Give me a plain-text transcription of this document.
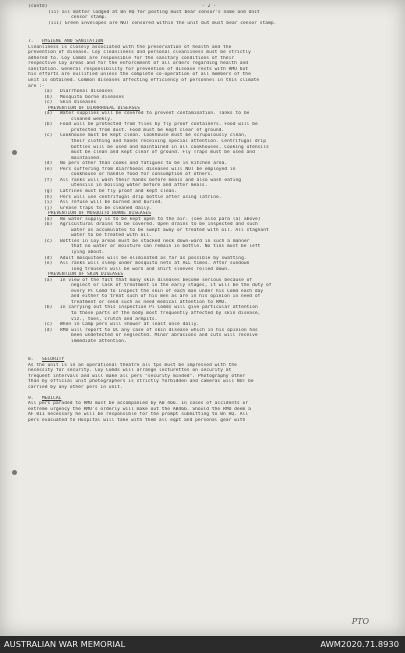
(contd)	- 2 -
(ii) all matter lodged at Bn HQ for posting must bear censor's name and Unit
censor stamp.
(iii) Green Envelopes are NOT censored within the unit but must bear censor stamp.
7. HYGIENE AND SANITATION
Cleanliness is closely associated with the preservation of health and the
prevention of disease. Coy cleanliness and personal cleanliness must be strictly
adhered to. Coy Comds are responsible for the sanitary conditions of their
respective Coy areas and for the enforcement of all orders regarding health and
sanitation. General responsibility for prevention of disease rests with RMO but
his efforts are nullified unless the complete co-operation of all members of the
unit is obtained. Common diseases affecting efficiency of personnel in this climate
are :-
(a) Diarrhoeal diseases
(b) Mosquito borne diseases
(c) Skin diseases
PREVENTION OF DIARRHOEAL DISEASES
(a) Water supplies will be covered to prevent contamination. Tanks to be
cleaned weekly.
(b) Food will be protected from flies by fly proof containers. Food will be
protected from dust. Food must be kept clear of ground.
(c) Cookhouse must be kept clean. Cookhouse must be scrupulously clean,
their clothing and hands receiving special attention. Centrifugal drip
bottles will be used and maintained in all cookhouses. Cooking utensils
must be clean and kept clear of ground. Fly Traps must be used and
maintained.
(d) No pers other than cooks and fatigues to be in kitchen area.
(e) Pers suffering from diarrhoeal diseases will NOT be employed in
cookhouse or handle food for consumption of others.
(f) All ranks will wash their hands before meals and also wash eating
utensils in boiling water before and after meals.
(g) Latrines must be fly proof and kept clean.
(h) Pers will use centrifugal drip bottle after using latrine.
(i) All refuse will be burned and buried.
(j) Grease traps to be cleaned daily.
PREVENTION OF MOSQUITO BORNE DISEASES
(a) No water supply is to be kept open to the air. (see also para (a) above)
(b) Agricultural drains to be covered. Open drains to be inspected and such
water as accumulates to be swept away or treated with oil. All stagnant
water to be treated with oil.
(c) Bottles in Coy areas must be stacked neck down-ward in such a manner
that no water or moisture can remain in bottle. No tins must be left
lying about.
(d) Adult mosquitoes will be eliminated as far as possible by swatting.
(e) All ranks will sleep under mosquito nets at ALL times. After sundown
long trousers will be worn and shirt sleeves rolled down.
PREVENTION OF SKIN DISEASES
(a) In view of the fact that many skin diseases become serious because of
neglect or lack of treatment in the early stages, it will be the duty of
every Pl Comd to inspect the skin of each man under his Comd each day
and either to treat such of his men as are in his opinion in need of
treatment or send such as need medical attention to RMO.
(b) In carrying out this inspection Pl Comds will give particular attention
to those parts of the body most frequently affected by skin disease,
viz., toes, crutch and armpits.
(c) When in Camp pers will shower at least once daily.
(d) RMO will report to OC any case of skin disease which in his opinion has
been undetected or neglected. Minor abrasions and cuts will receive
immediate attention.
8. SECURITY
As the unit is in an operational theatre all tps must be impressed with the
necessity for security. Coy Comds will arrange lecturettes on security at
frequent intervals and will make all pers "security minded". Photography other
than by official unit photographers is strictly forbidden and cameras will NOT be
carried by any other pers in unit.
9. MEDICAL
All pers paraded to RMO must be accompanied by AB 466. In cases of accidents or
extreme urgency the RMO's orderly will make out the AB466. Should the RMO deem a
AF 011 necessary he will be responsible for the prompt submitting to Bn HQ. All
pers evacuated to Hospital will take with them all eqpt and personal gear with
PTO
AUSTRALIAN WAR MEMORIAL	AWM2020.71.8930
